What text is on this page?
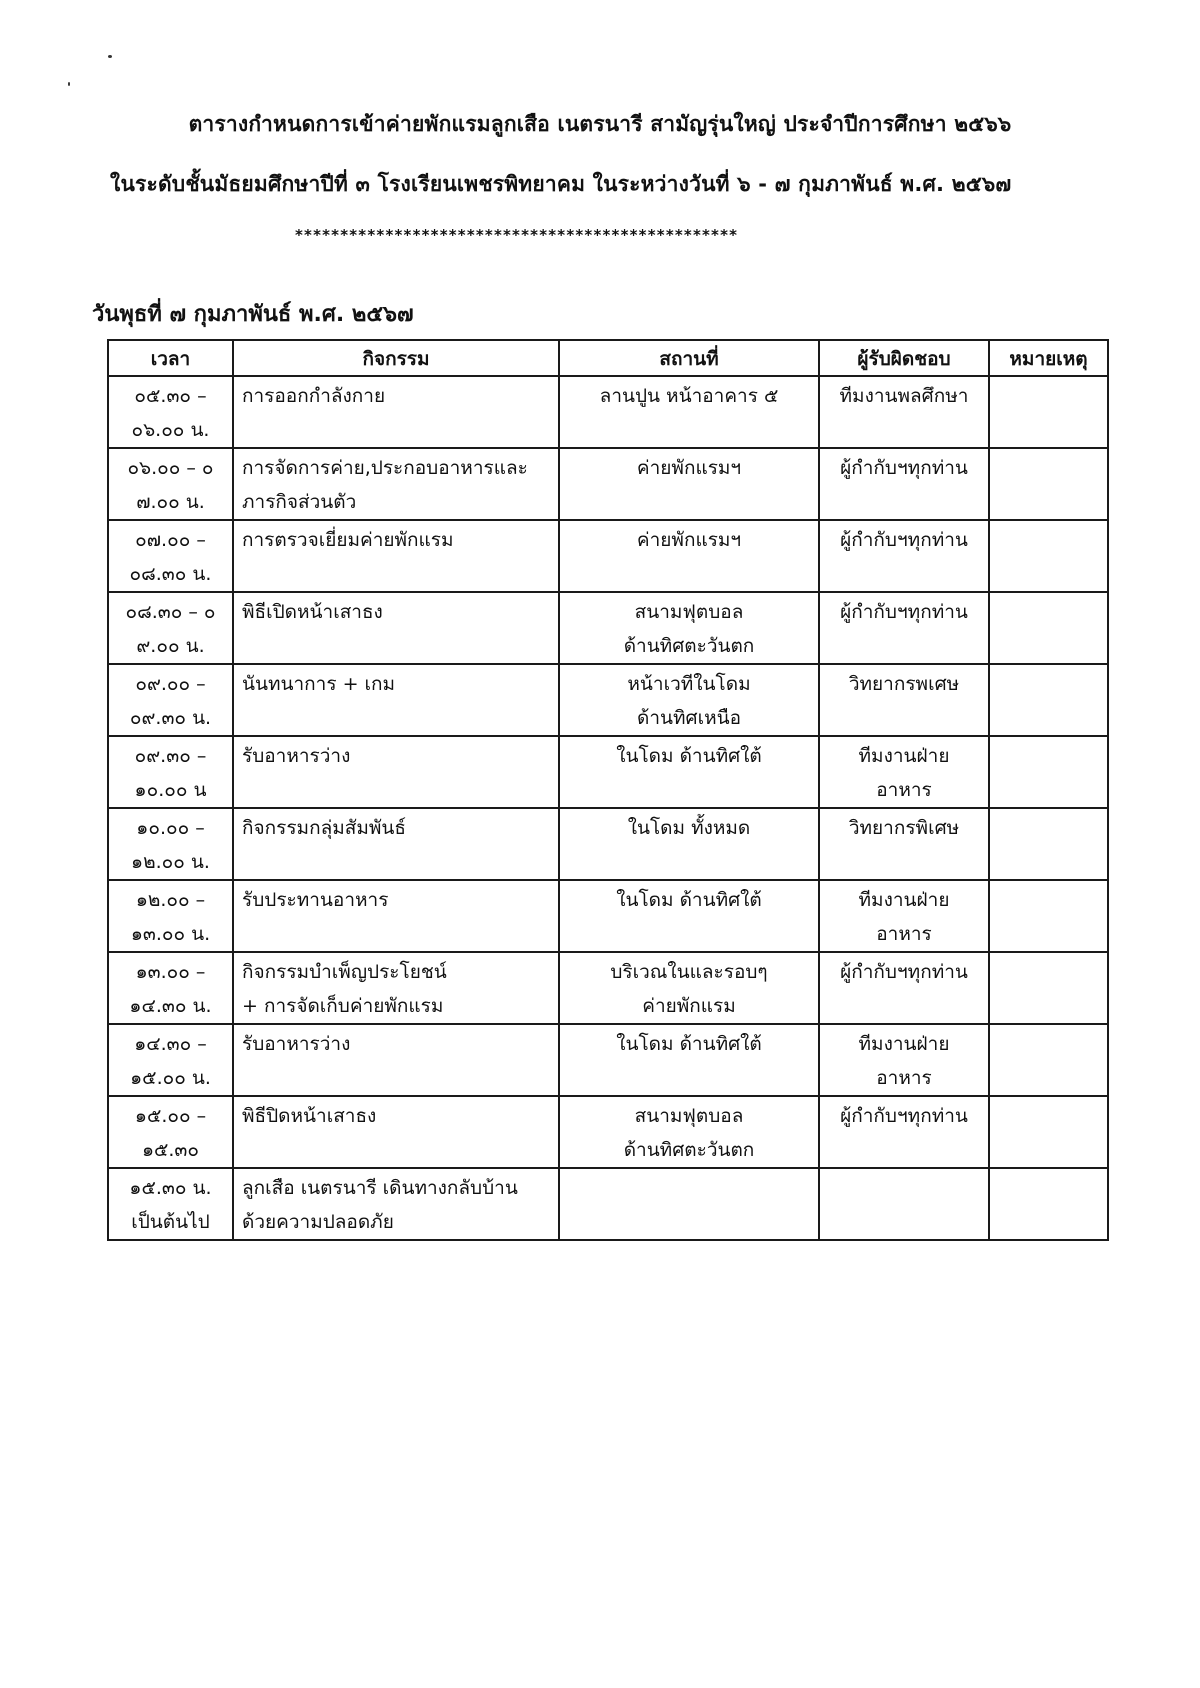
ตารางกำหนดการเข้าค่ายพักแรมลูกเสือ เนตรนารี สามัญรุ่นใหญ่ ประจำปีการศึกษา ๒๕๖๖
ในระดับชั้นมัธยมศึกษาปีที่ ๓ โรงเรียนเพชรพิทยาคม ในระหว่างวันที่ ๖ - ๗ กุมภาพันธ์ พ.ศ. ๒๕๖๗
*************************************************
วันพุธที่ ๗ กุมภาพันธ์ พ.ศ. ๒๕๖๗
เวลา	กิจกรรม	สถานที่	ผู้รับผิดชอบ	หมายเหตุ

๐๕.๓๐ –
๐๖.๐๐ น.	การออกกำลังกาย	ลานปูน หน้าอาคาร ๕	ทีมงานพลศึกษา	

๐๖.๐๐ – ๐
๗.๐๐ น.	การจัดการค่าย,ประกอบอาหารและ
ภารกิจส่วนตัว	ค่ายพักแรมฯ	ผู้กำกับฯทุกท่าน	

๐๗.๐๐ –
๐๘.๓๐ น.	การตรวจเยี่ยมค่ายพักแรม	ค่ายพักแรมฯ	ผู้กำกับฯทุกท่าน	

๐๘.๓๐ – ๐
๙.๐๐ น.	พิธีเปิดหน้าเสาธง	สนามฟุตบอล
ด้านทิศตะวันตก	ผู้กำกับฯทุกท่าน	

๐๙.๐๐ –
๐๙.๓๐ น.	นันทนาการ + เกม	หน้าเวทีในโดม
ด้านทิศเหนือ	วิทยากรพเศษ	

๐๙.๓๐ –
๑๐.๐๐ น	รับอาหารว่าง	ในโดม ด้านทิศใต้	ทีมงานฝ่าย
อาหาร	

๑๐.๐๐ –
๑๒.๐๐ น.	กิจกรรมกลุ่มสัมพันธ์	ในโดม ทั้งหมด	วิทยากรพิเศษ	

๑๒.๐๐ –
๑๓.๐๐ น.	รับประทานอาหาร	ในโดม ด้านทิศใต้	ทีมงานฝ่าย
อาหาร	

๑๓.๐๐ –
๑๔.๓๐ น.	กิจกรรมบำเพ็ญประโยชน์
+ การจัดเก็บค่ายพักแรม	บริเวณในและรอบๆ
ค่ายพักแรม	ผู้กำกับฯทุกท่าน	

๑๔.๓๐ –
๑๕.๐๐ น.	รับอาหารว่าง	ในโดม ด้านทิศใต้	ทีมงานฝ่าย
อาหาร	

๑๕.๐๐ –
๑๕.๓๐	พิธีปิดหน้าเสาธง	สนามฟุตบอล
ด้านทิศตะวันตก	ผู้กำกับฯทุกท่าน	

๑๕.๓๐ น.
เป็นต้นไป	ลูกเสือ เนตรนารี เดินทางกลับบ้าน
ด้วยความปลอดภัย			
